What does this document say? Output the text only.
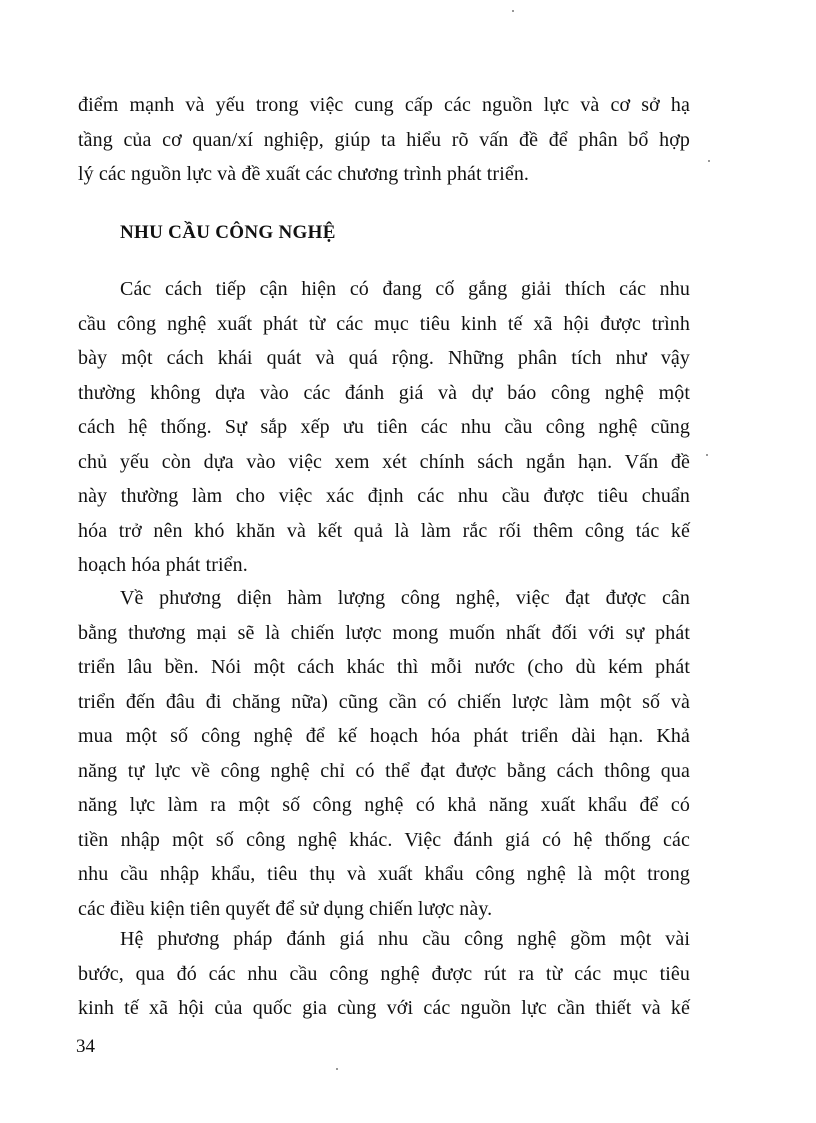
điểm mạnh và yếu trong việc cung cấp các nguồn lực và cơ sở hạ
tầng của cơ quan/xí nghiệp, giúp ta hiểu rõ vấn đề để phân bổ hợp
lý các nguồn lực và đề xuất các chương trình phát triển.
NHU CẦU CÔNG NGHỆ
Các cách tiếp cận hiện có đang cố gắng giải thích các nhu
cầu công nghệ xuất phát từ các mục tiêu kinh tế xã hội được trình
bày một cách khái quát và quá rộng. Những phân tích như vậy
thường không dựa vào các đánh giá và dự báo công nghệ một
cách hệ thống. Sự sắp xếp ưu tiên các nhu cầu công nghệ cũng
chủ yếu còn dựa vào việc xem xét chính sách ngắn hạn. Vấn đề
này thường làm cho việc xác định các nhu cầu được tiêu chuẩn
hóa trở nên khó khăn và kết quả là làm rắc rối thêm công tác kế
hoạch hóa phát triển.
Về phương diện hàm lượng công nghệ, việc đạt được cân
bằng thương mại sẽ là chiến lược mong muốn nhất đối với sự phát
triển lâu bền. Nói một cách khác thì mỗi nước (cho dù kém phát
triển đến đâu đi chăng nữa) cũng cần có chiến lược làm một số và
mua một số công nghệ để kế hoạch hóa phát triển dài hạn. Khả
năng tự lực về công nghệ chỉ có thể đạt được bằng cách thông qua
năng lực làm ra một số công nghệ có khả năng xuất khẩu để có
tiền nhập một số công nghệ khác. Việc đánh giá có hệ thống các
nhu cầu nhập khẩu, tiêu thụ và xuất khẩu công nghệ là một trong
các điều kiện tiên quyết để sử dụng chiến lược này.
Hệ phương pháp đánh giá nhu cầu công nghệ gồm một vài
bước, qua đó các nhu cầu công nghệ được rút ra từ các mục tiêu
kinh tế xã hội của quốc gia cùng với các nguồn lực cần thiết và kế
34
